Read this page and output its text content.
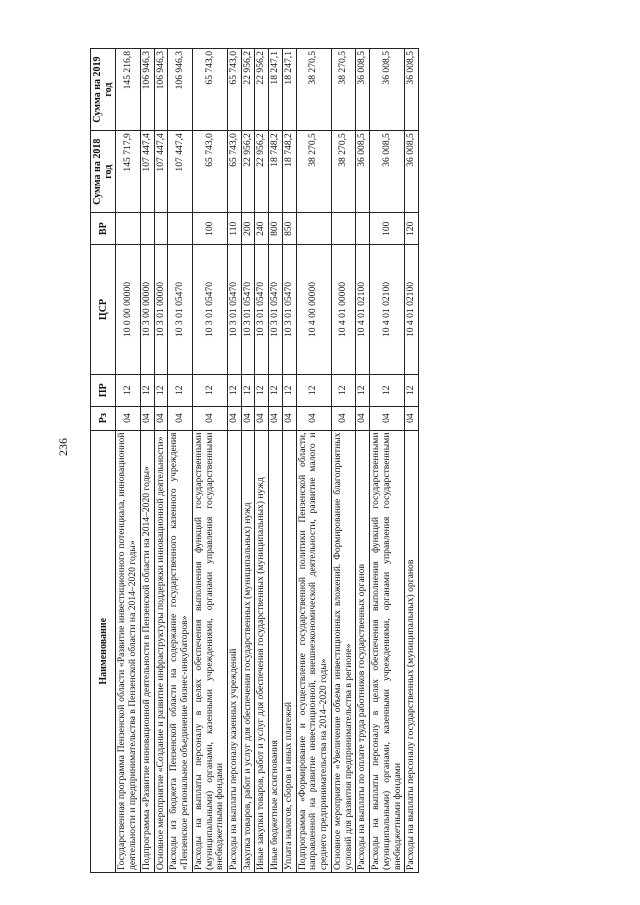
236
Наименование	Рз	ПР	ЦСР	ВР	Сумма на 2018 год	Сумма на 2019 год
Государственная программа Пензенской области «Развитие инвестиционного потенциала, инновационной деятельности и предпринимательства в Пензенской области на 2014–2020 годы»	04	12	10 0 00 00000		145 717,9	145 216,8
Подпрограмма «Развитие инновационной деятельности в Пензенской области на 2014–2020 годы»	04	12	10 3 00 00000		107 447,4	106 946,3
Основное мероприятие «Создание и развитие инфраструктуры поддержки инновационной деятельности»	04	12	10 3 01 00000		107 447,4	106 946,3
Расходы из бюджета Пензенской области на содержание государственного казенного учреждения «Пензенское региональное объединение бизнес-инкубаторов»	04	12	10 3 01 05470		107 447,4	106 946,3
Расходы на выплаты персоналу в целях обеспечения выполнения функций государственными (муниципальными) органами, казенными учреждениями, органами управления государственными внебюджетными фондами	04	12	10 3 01 05470	100	65 743,0	65 743,0
Расходы на выплаты персоналу казенных учреждений	04	12	10 3 01 05470	110	65 743,0	65 743,0
Закупка товаров, работ и услуг для обеспечения государственных (муниципальных) нужд	04	12	10 3 01 05470	200	22 956,2	22 956,2
Иные закупки товаров, работ и услуг для обеспечения государственных (муниципальных) нужд	04	12	10 3 01 05470	240	22 956,2	22 956,2
Иные бюджетные ассигнования	04	12	10 3 01 05470	800	18 748,2	18 247,1
Уплата налогов, сборов и иных платежей	04	12	10 3 01 05470	850	18 748,2	18 247,1
Подпрограмма «Формирование и осуществление государственной политики Пензенской области, направленной на развитие инвестиционной, внешнеэкономической деятельности, развитие малого и среднего предпринимательства на 2014–2020 годы»	04	12	10 4 00 00000		38 270,5	38 270,5
Основное мероприятие «Увеличение объема инвестиционных вложений. Формирование благоприятных условий для развития предпринимательства в регионе»	04	12	10 4 01 00000		38 270,5	38 270,5
Расходы на выплаты по оплате труда работников государственных органов	04	12	10 4 01 02100		36 008,5	36 008,5
Расходы на выплаты персоналу в целях обеспечения выполнения функций государственными (муниципальными) органами, казенными учреждениями, органами управления государственными внебюджетными фондами	04	12	10 4 01 02100	100	36 008,5	36 008,5
Расходы на выплаты персоналу государственных (муниципальных) органов	04	12	10 4 01 02100	120	36 008,5	36 008,5
